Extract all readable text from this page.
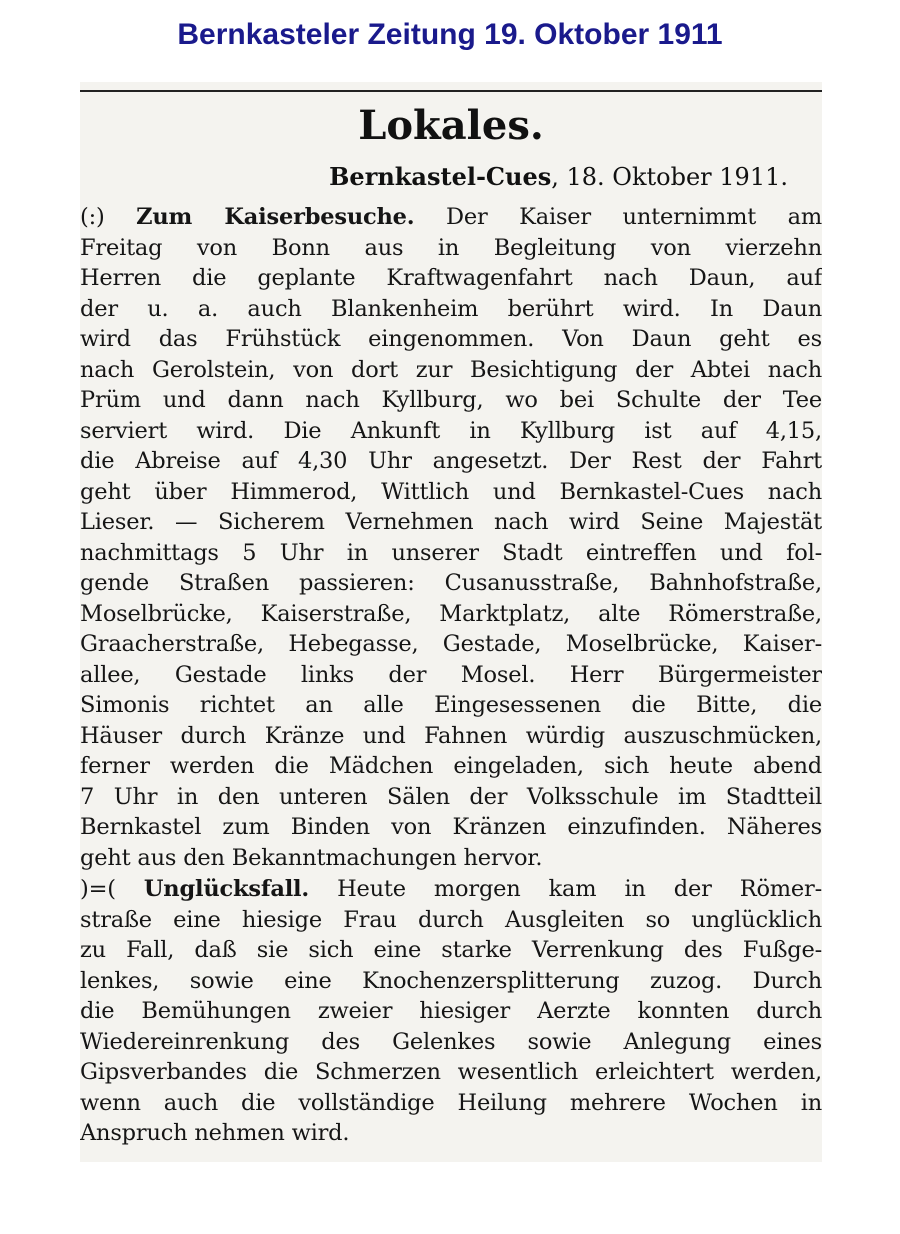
Bernkasteler Zeitung 19. Oktober 1911
Lokales.
Bernkastel-Cues, 18. Oktober 1911.
(:) Zum Kaiserbesuche. Der Kaiser unternimmt am
Freitag von Bonn aus in Begleitung von vierzehn
Herren die geplante Kraftwagenfahrt nach Daun, auf
der u. a. auch Blankenheim berührt wird. In Daun
wird das Frühstück eingenommen. Von Daun geht es
nach Gerolstein, von dort zur Besichtigung der Abtei nach
Prüm und dann nach Kyllburg, wo bei Schulte der Tee
serviert wird. Die Ankunft in Kyllburg ist auf 4,15,
die Abreise auf 4,30 Uhr angesetzt. Der Rest der Fahrt
geht über Himmerod, Wittlich und Bernkastel-Cues nach
Lieser. — Sicherem Vernehmen nach wird Seine Majestät
nachmittags 5 Uhr in unserer Stadt eintreffen und fol-
gende Straßen passieren: Cusanusstraße, Bahnhofstraße,
Moselbrücke, Kaiserstraße, Marktplatz, alte Römerstraße,
Graacherstraße, Hebegasse, Gestade, Moselbrücke, Kaiser-
allee, Gestade links der Mosel. Herr Bürgermeister
Simonis richtet an alle Eingesessenen die Bitte, die
Häuser durch Kränze und Fahnen würdig auszuschmücken,
ferner werden die Mädchen eingeladen, sich heute abend
7 Uhr in den unteren Sälen der Volksschule im Stadtteil
Bernkastel zum Binden von Kränzen einzufinden. Näheres
geht aus den Bekanntmachungen hervor.
)=( Unglücksfall. Heute morgen kam in der Römer-
straße eine hiesige Frau durch Ausgleiten so unglücklich
zu Fall, daß sie sich eine starke Verrenkung des Fußge-
lenkes, sowie eine Knochenzersplitterung zuzog. Durch
die Bemühungen zweier hiesiger Aerzte konnten durch
Wiedereinrenkung des Gelenkes sowie Anlegung eines
Gipsverbandes die Schmerzen wesentlich erleichtert werden,
wenn auch die vollständige Heilung mehrere Wochen in
Anspruch nehmen wird.
